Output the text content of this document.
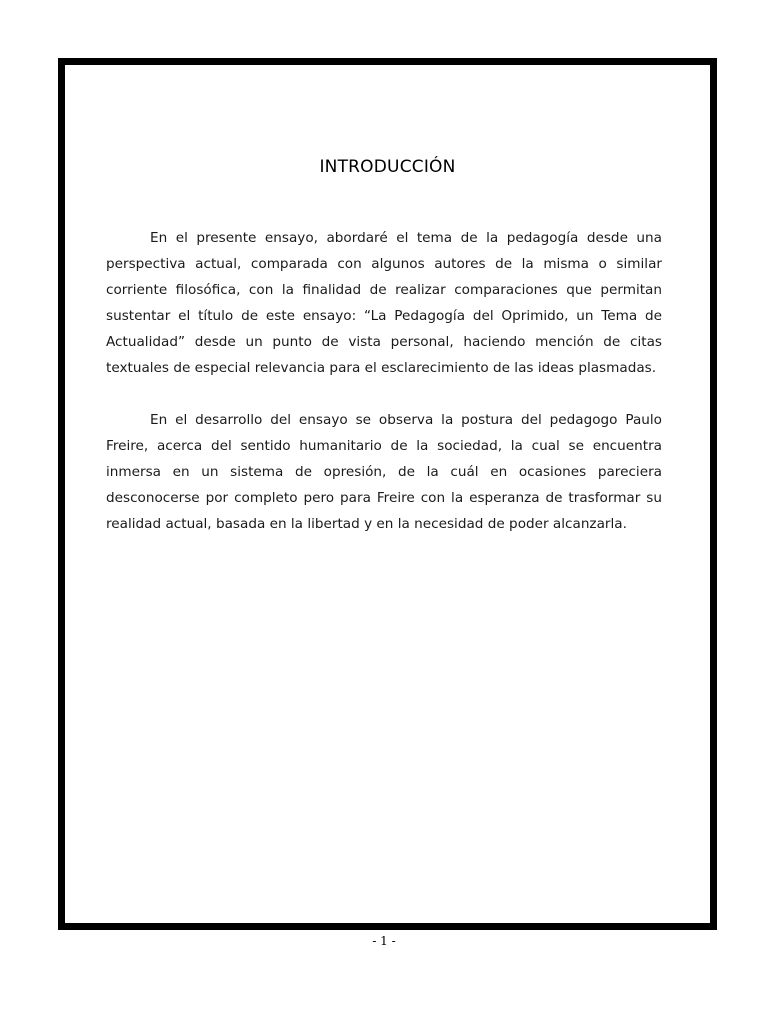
INTRODUCCIÓN

En el presente ensayo, abordaré el tema de la pedagogía desde una perspectiva actual, comparada con algunos autores de la misma o similar corriente filosófica, con la finalidad de realizar comparaciones que permitan sustentar el título de este ensayo: “La Pedagogía del Oprimido, un Tema de Actualidad” desde un punto de vista personal, haciendo mención de citas textuales de especial relevancia para el esclarecimiento de las ideas plasmadas.

En el desarrollo del ensayo se observa la postura del pedagogo Paulo Freire, acerca del sentido humanitario de la sociedad, la cual se encuentra inmersa en un sistema de opresión, de la cuál en ocasiones pareciera desconocerse por completo pero para Freire con la esperanza de trasformar su realidad actual, basada en la libertad y en la necesidad de poder alcanzarla.

- 1 -
